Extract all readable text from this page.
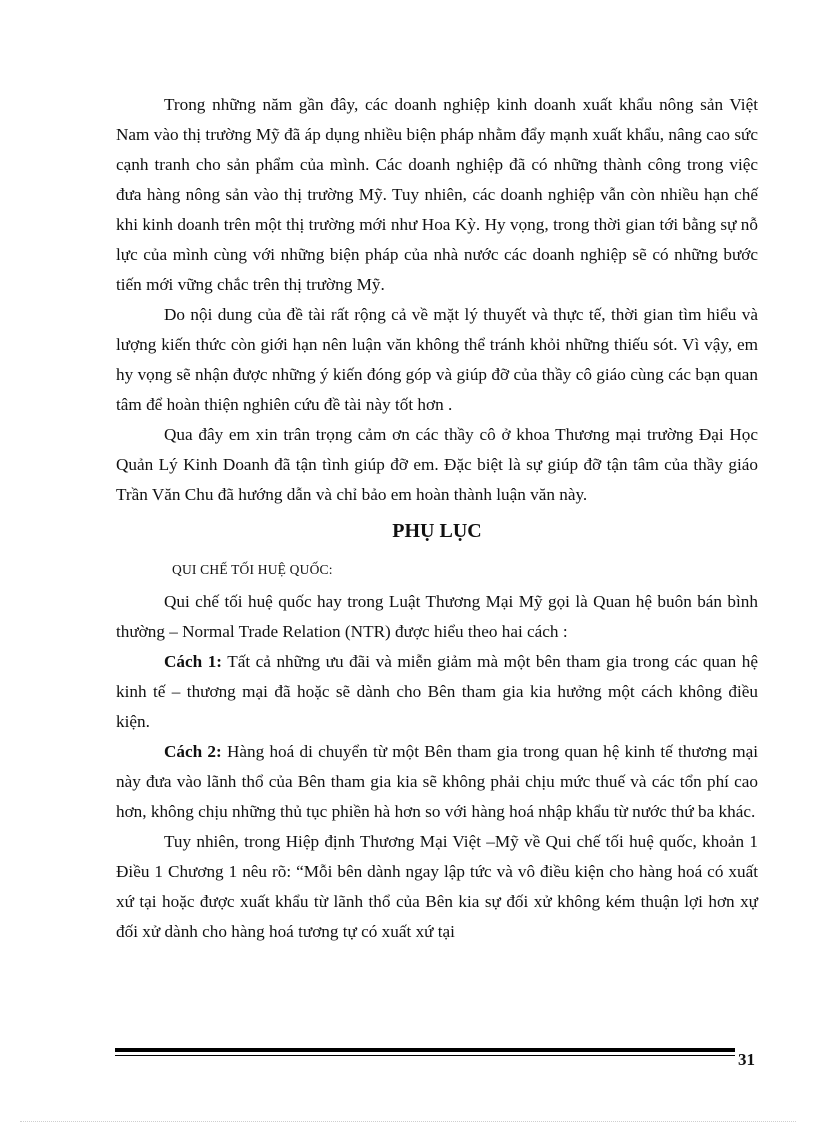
Trong những năm gần đây, các doanh nghiệp kinh doanh xuất khẩu nông sản Việt Nam vào thị trường Mỹ đã áp dụng nhiều biện pháp nhằm đẩy mạnh xuất khẩu, nâng cao sức cạnh tranh cho sản phẩm của mình. Các doanh nghiệp đã có những thành công trong việc đưa hàng nông sản vào thị trường Mỹ. Tuy nhiên, các doanh nghiệp vẫn còn nhiều hạn chế khi kinh doanh trên một thị trường mới như Hoa Kỳ. Hy vọng, trong thời gian tới bằng sự nỗ lực của mình cùng với những biện pháp của nhà nước các doanh nghiệp sẽ có những bước tiến mới vững chắc trên thị trường Mỹ.

Do nội dung của đề tài rất rộng cả về mặt lý thuyết và thực tế, thời gian tìm hiểu và lượng kiến thức còn giới hạn nên luận văn không thể tránh khỏi những thiếu sót. Vì vậy, em hy vọng sẽ nhận được những ý kiến đóng góp và giúp đỡ của thầy cô giáo cùng các bạn quan tâm để hoàn thiện nghiên cứu đề tài này tốt hơn .

Qua đây em xin trân trọng cảm ơn các thầy cô ở khoa Thương mại trường Đại Học Quản Lý Kinh Doanh đã tận tình giúp đỡ em. Đặc biệt là sự giúp đỡ tận tâm của thầy giáo Trần Văn Chu đã hướng dẫn và chỉ bảo em hoàn thành luận văn này.

PHỤ LỤC
QUI CHẾ TỐI HUỆ QUỐC:

Qui chế tối huệ quốc hay trong Luật Thương Mại Mỹ gọi là Quan hệ buôn bán bình thường – Normal Trade Relation (NTR) được hiểu theo hai cách :

Cách 1: Tất cả những ưu đãi và miễn giảm mà một bên tham gia trong các quan hệ kinh tế – thương mại đã hoặc sẽ dành cho Bên tham gia kia hưởng một cách không điều kiện.

Cách 2: Hàng hoá di chuyển từ một Bên tham gia trong quan hệ kinh tế thương mại này đưa vào lãnh thổ của Bên tham gia kia sẽ không phải chịu mức thuế và các tổn phí cao hơn, không chịu những thủ tục phiền hà hơn so với hàng hoá nhập khẩu từ nước thứ ba khác.

Tuy nhiên, trong Hiệp định Thương Mại Việt –Mỹ về Qui chế tối huệ quốc, khoản 1 Điều 1 Chương 1 nêu rõ: “Mỗi bên dành ngay lập tức và vô điều kiện cho hàng hoá có xuất xứ tại hoặc được xuất khẩu từ lãnh thổ của Bên kia sự đối xử không kém thuận lợi hơn xự đối xử dành cho hàng hoá tương tự có xuất xứ tại

31
